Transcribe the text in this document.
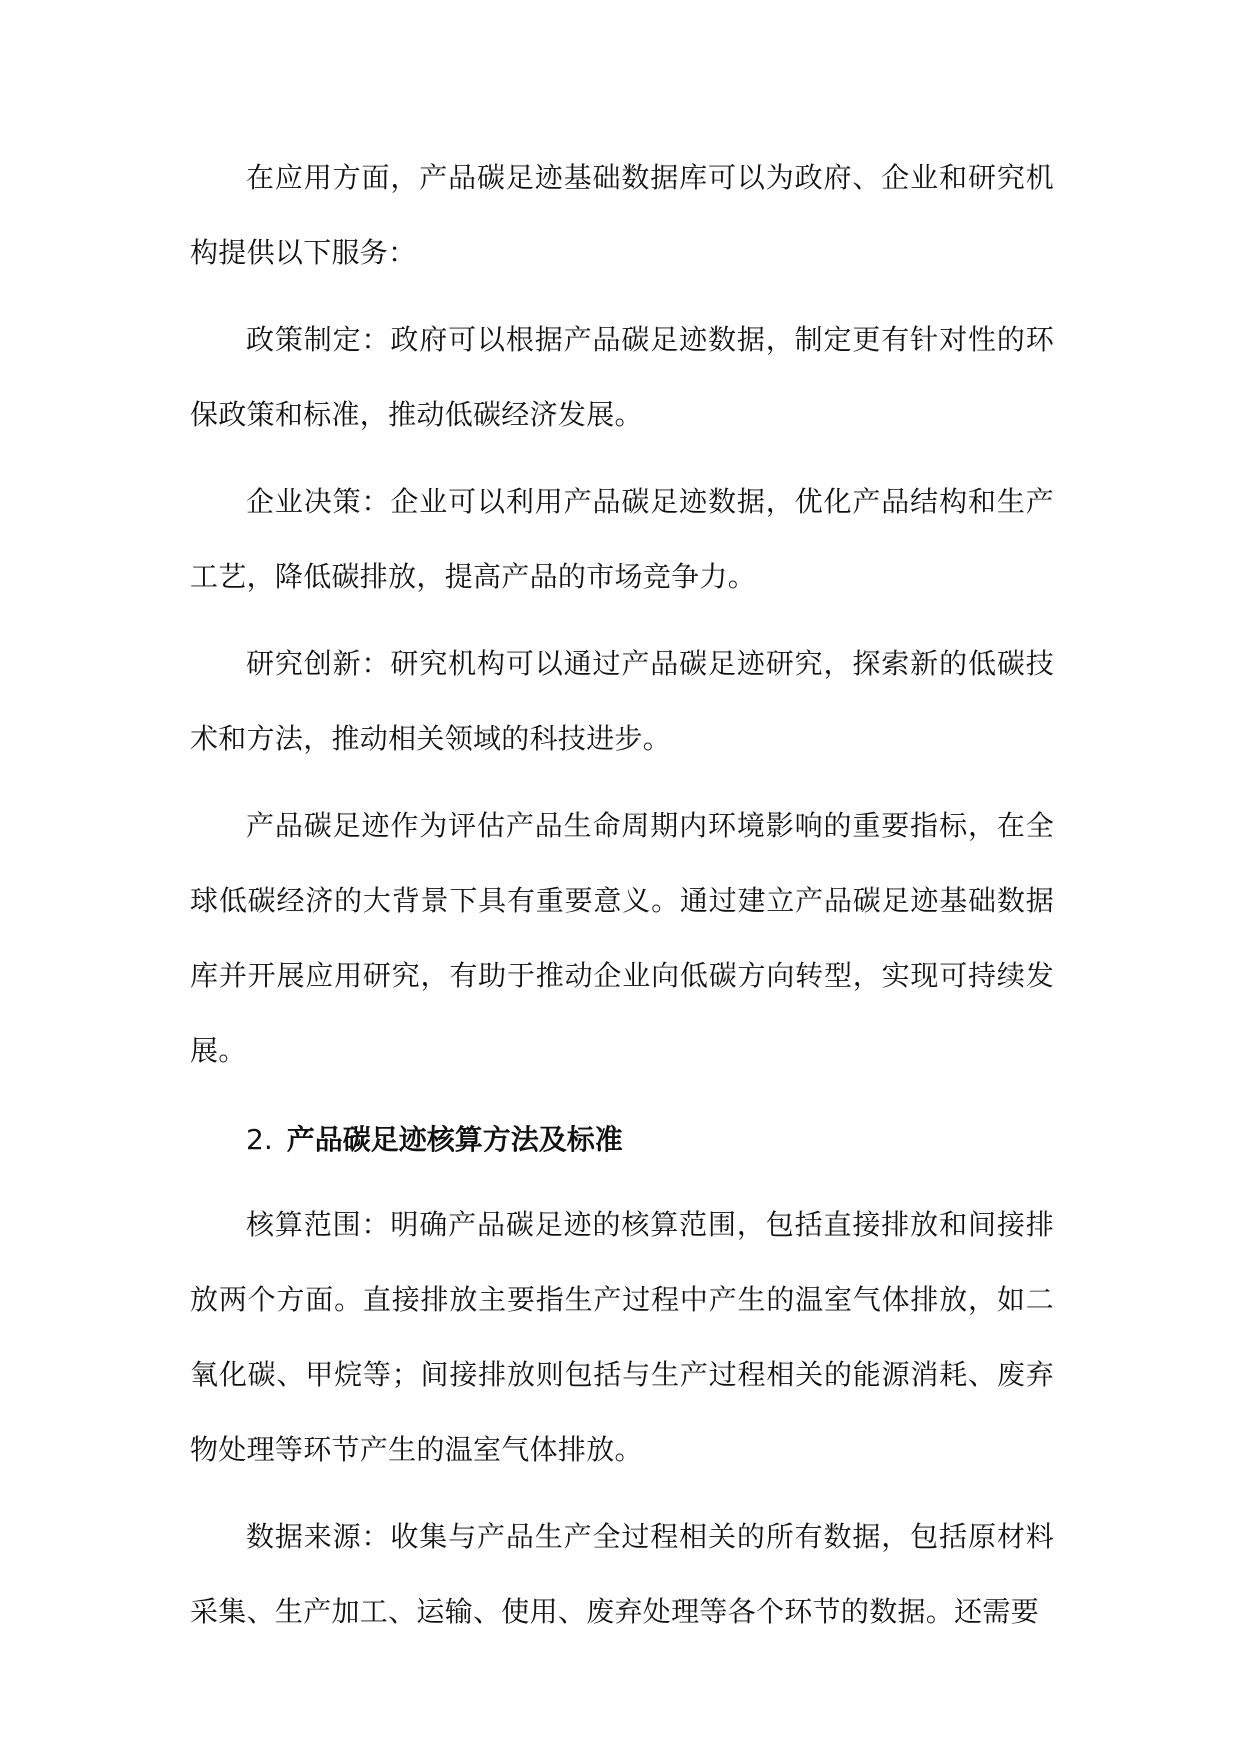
在应用方面，产品碳足迹基础数据库可以为政府、企业和研究机构提供以下服务：

政策制定：政府可以根据产品碳足迹数据，制定更有针对性的环保政策和标准，推动低碳经济发展。

企业决策：企业可以利用产品碳足迹数据，优化产品结构和生产工艺，降低碳排放，提高产品的市场竞争力。

研究创新：研究机构可以通过产品碳足迹研究，探索新的低碳技术和方法，推动相关领域的科技进步。

产品碳足迹作为评估产品生命周期内环境影响的重要指标，在全球低碳经济的大背景下具有重要意义。通过建立产品碳足迹基础数据库并开展应用研究，有助于推动企业向低碳方向转型，实现可持续发展。

2. 产品碳足迹核算方法及标准

核算范围：明确产品碳足迹的核算范围，包括直接排放和间接排放两个方面。直接排放主要指生产过程中产生的温室气体排放，如二氧化碳、甲烷等；间接排放则包括与生产过程相关的能源消耗、废弃物处理等环节产生的温室气体排放。

数据来源：收集与产品生产全过程相关的所有数据，包括原材料采集、生产加工、运输、使用、废弃处理等各个环节的数据。还需要
